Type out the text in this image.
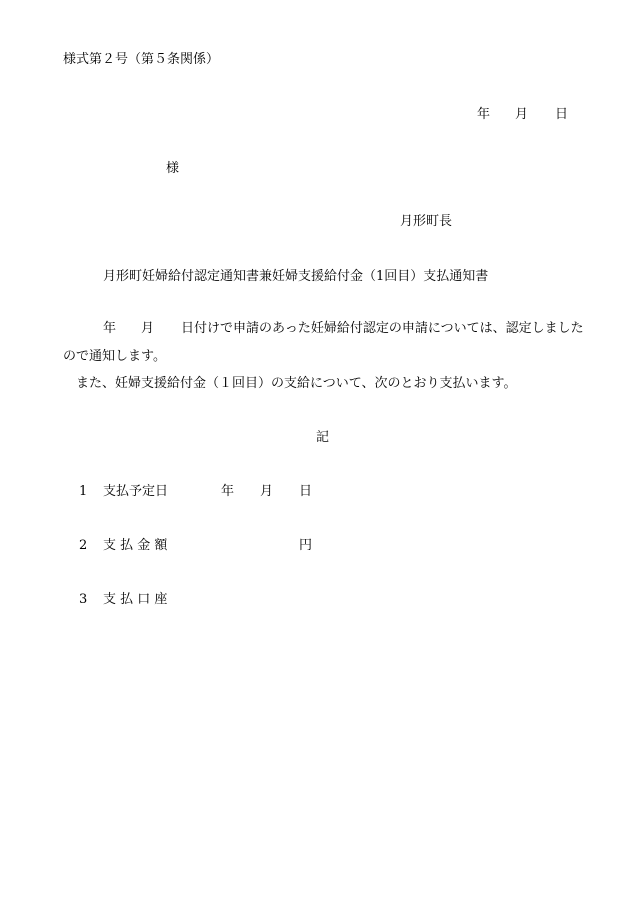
様式第２号（第５条関係）
年 月 日
様
月形町長
月形町妊婦給付認定通知書兼妊婦支援給付金（1回目）支払通知書
年 月 日付けで申請のあった妊婦給付認定の申請については、認定しました
ので通知します。
また、妊婦支援給付金（１回目）の支給について、次のとおり支払います。
記
1 支払予定日	年 月 日
2 支 払 金 額	円
3 支 払 口 座
